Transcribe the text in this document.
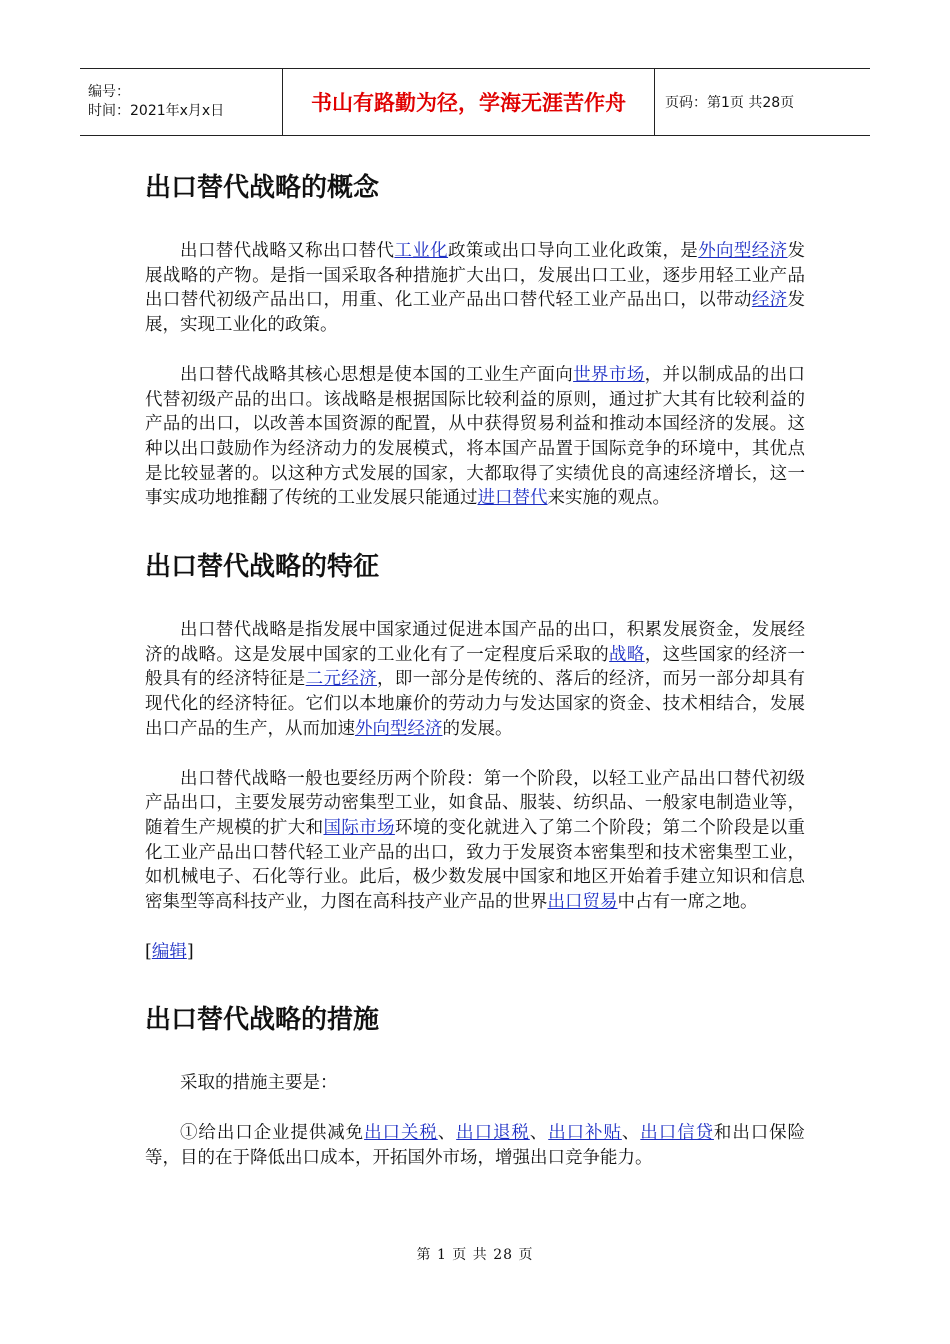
编号：
时间：2021年x月x日	书山有路勤为径，学海无涯苦作舟	页码：第1页 共28页
出口替代战略的概念

出口替代战略又称出口替代工业化政策或出口导向工业化政策，是外向型经济发展战略的产物。是指一国采取各种措施扩大出口，发展出口工业，逐步用轻工业产品出口替代初级产品出口，用重、化工业产品出口替代轻工业产品出口，以带动经济发展，实现工业化的政策。

出口替代战略其核心思想是使本国的工业生产面向世界市场，并以制成品的出口代替初级产品的出口。该战略是根据国际比较利益的原则，通过扩大其有比较利益的产品的出口，以改善本国资源的配置，从中获得贸易利益和推动本国经济的发展。这种以出口鼓励作为经济动力的发展模式，将本国产品置于国际竞争的环境中，其优点是比较显著的。以这种方式发展的国家，大都取得了实绩优良的高速经济增长，这一事实成功地推翻了传统的工业发展只能通过进口替代来实施的观点。

出口替代战略的特征

出口替代战略是指发展中国家通过促进本国产品的出口，积累发展资金，发展经济的战略。这是发展中国家的工业化有了一定程度后采取的战略，这些国家的经济一般具有的经济特征是二元经济，即一部分是传统的、落后的经济，而另一部分却具有现代化的经济特征。它们以本地廉价的劳动力与发达国家的资金、技术相结合，发展出口产品的生产，从而加速外向型经济的发展。

出口替代战略一般也要经历两个阶段：第一个阶段，以轻工业产品出口替代初级产品出口，主要发展劳动密集型工业，如食品、服装、纺织品、一般家电制造业等，随着生产规模的扩大和国际市场环境的变化就进入了第二个阶段；第二个阶段是以重化工业产品出口替代轻工业产品的出口，致力于发展资本密集型和技术密集型工业，如机械电子、石化等行业。此后，极少数发展中国家和地区开始着手建立知识和信息密集型等高科技产业，力图在高科技产业产品的世界出口贸易中占有一席之地。

[编辑]

出口替代战略的措施

采取的措施主要是：

①给出口企业提供减免出口关税、出口退税、出口补贴、出口信贷和出口保险等，目的在于降低出口成本，开拓国外市场，增强出口竞争能力。

第 1 页 共 28 页
